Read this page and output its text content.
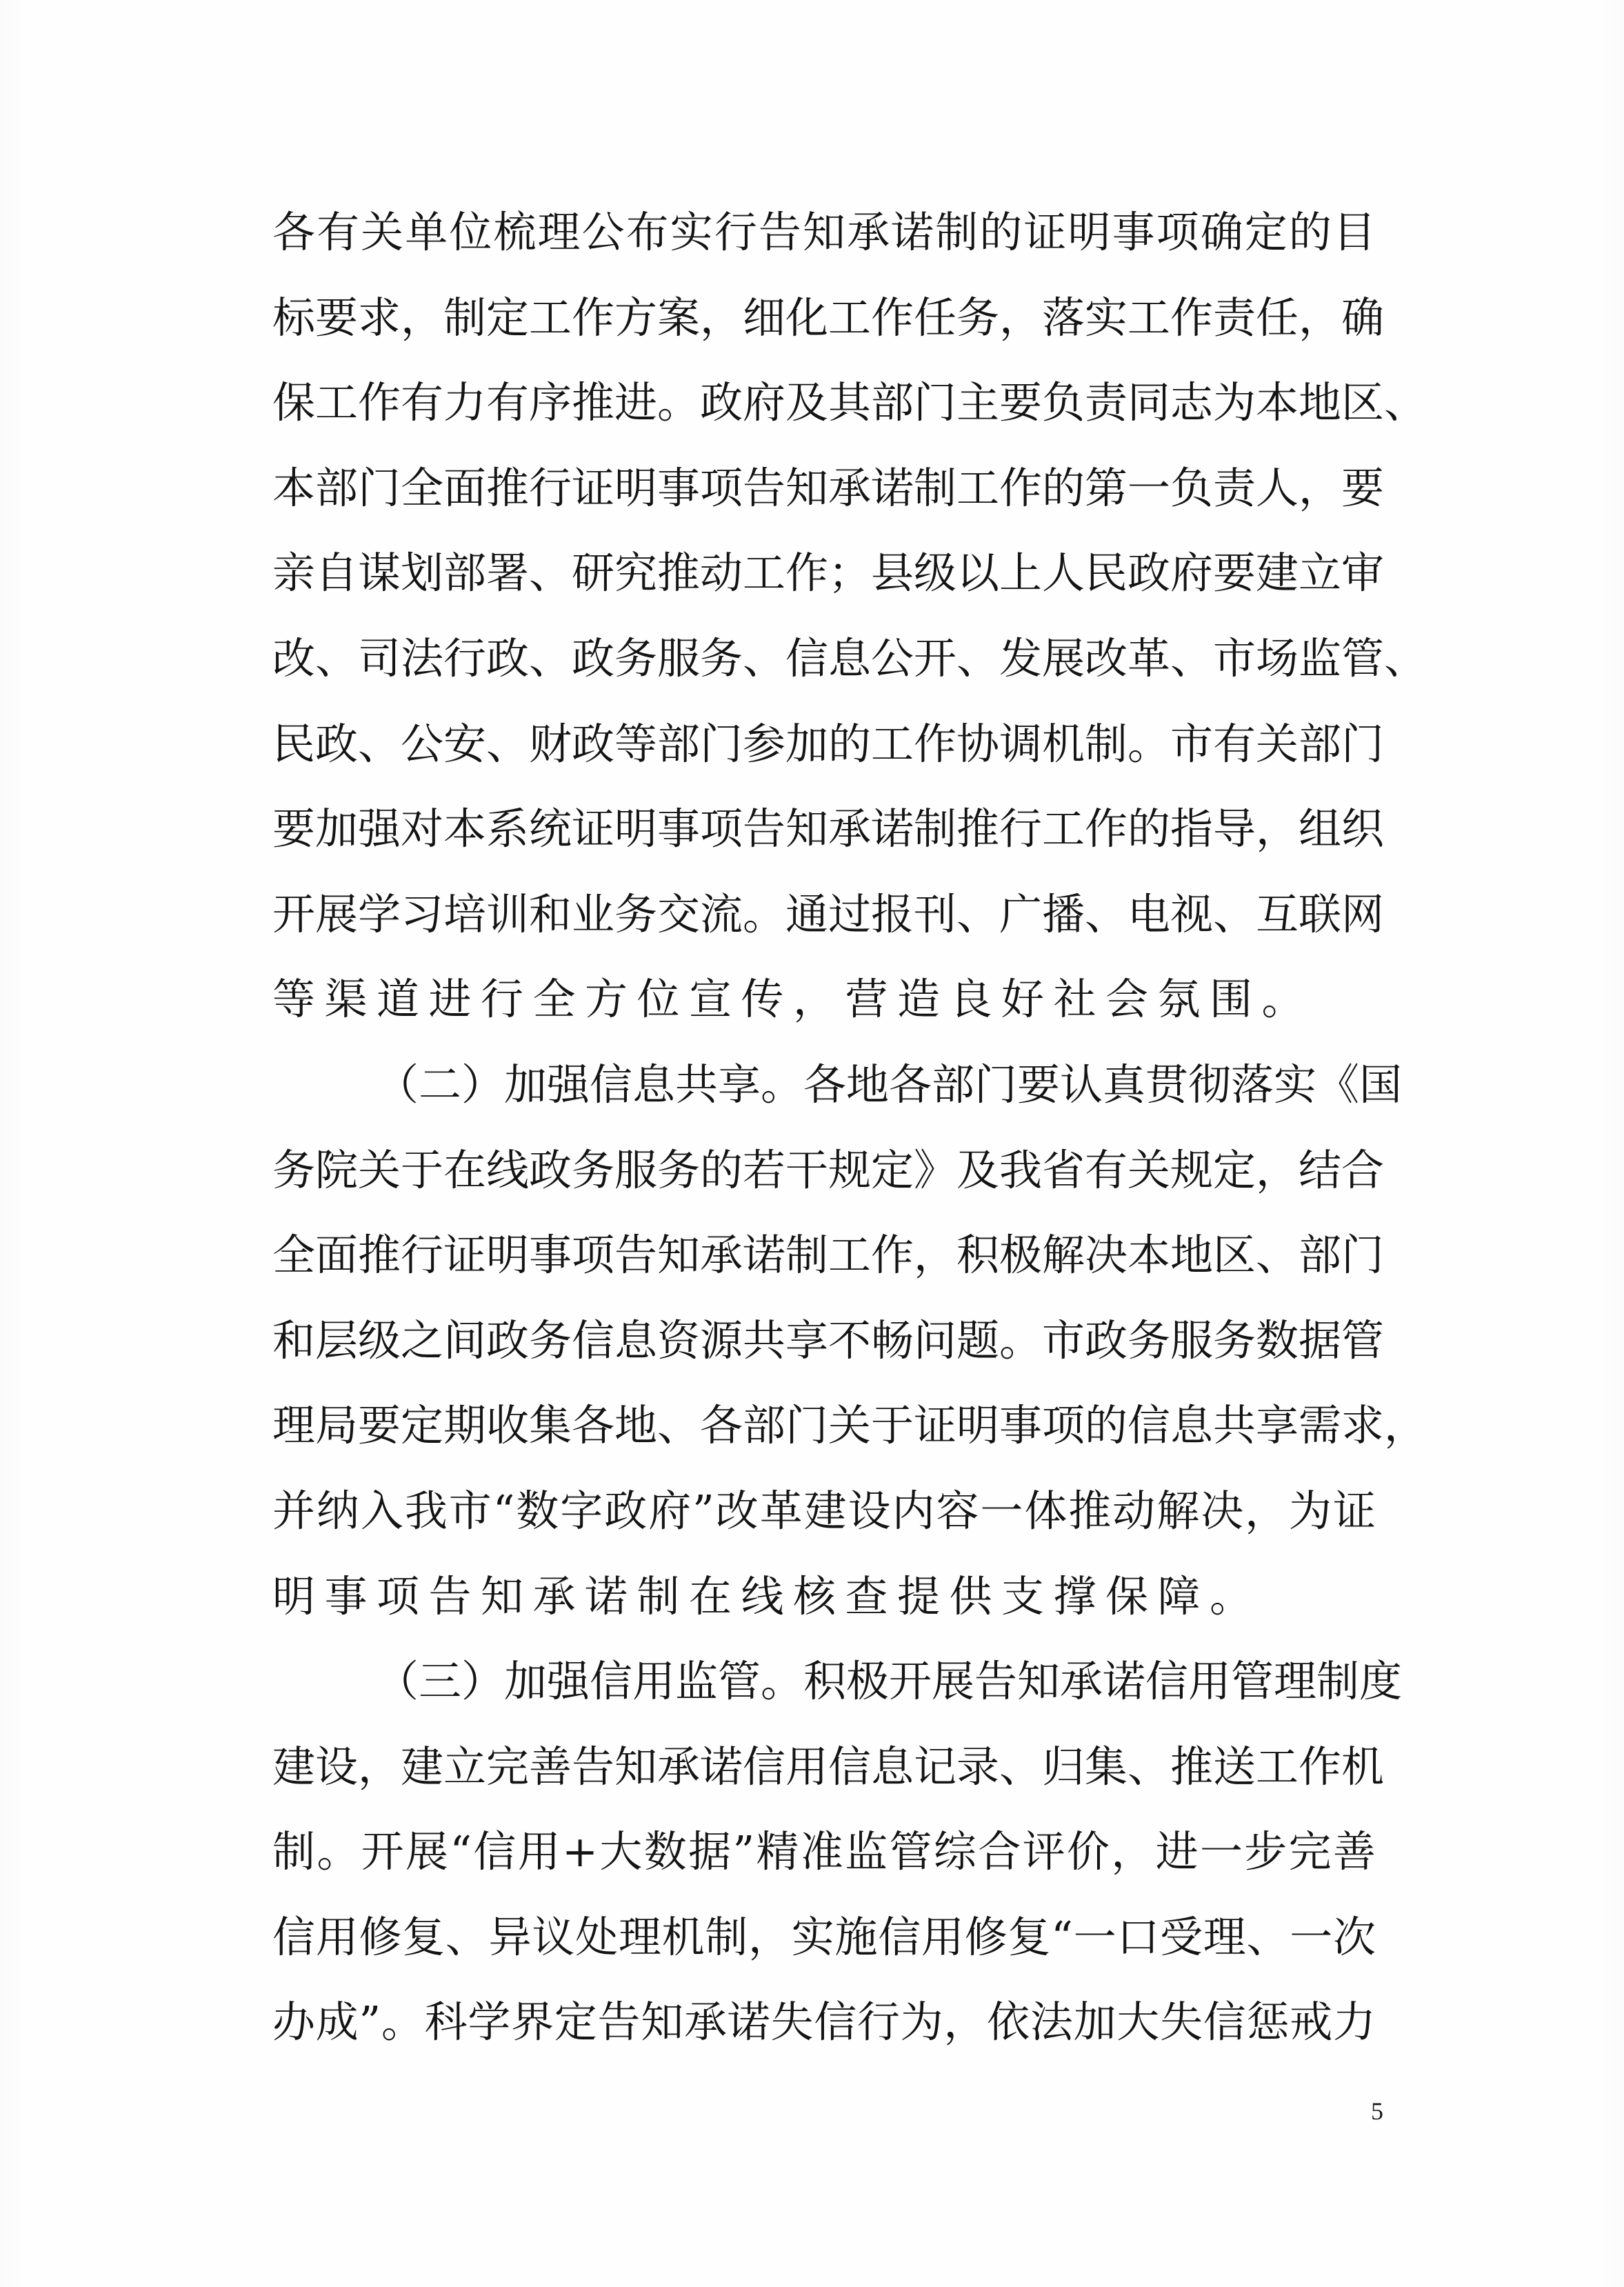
各有关单位梳理公布实行告知承诺制的证明事项确定的目
标要求，制定工作方案，细化工作任务，落实工作责任，确
保工作有力有序推进。政府及其部门主要负责同志为本地区、
本部门全面推行证明事项告知承诺制工作的第一负责人，要
亲自谋划部署、研究推动工作；县级以上人民政府要建立审
改、司法行政、政务服务、信息公开、发展改革、市场监管、
民政、公安、财政等部门参加的工作协调机制。市有关部门
要加强对本系统证明事项告知承诺制推行工作的指导，组织
开展学习培训和业务交流。通过报刊、广播、电视、互联网
等渠道进行全方位宣传，营造良好社会氛围。
（二）加强信息共享。各地各部门要认真贯彻落实《国
务院关于在线政务服务的若干规定》及我省有关规定，结合
全面推行证明事项告知承诺制工作，积极解决本地区、部门
和层级之间政务信息资源共享不畅问题。市政务服务数据管
理局要定期收集各地、各部门关于证明事项的信息共享需求，
并纳入我市“数字政府”改革建设内容一体推动解决，为证
明事项告知承诺制在线核查提供支撑保障。
（三）加强信用监管。积极开展告知承诺信用管理制度
建设，建立完善告知承诺信用信息记录、归集、推送工作机
制。开展“信用+大数据”精准监管综合评价，进一步完善
信用修复、异议处理机制，实施信用修复“一口受理、一次
办成”。科学界定告知承诺失信行为，依法加大失信惩戒力
5
